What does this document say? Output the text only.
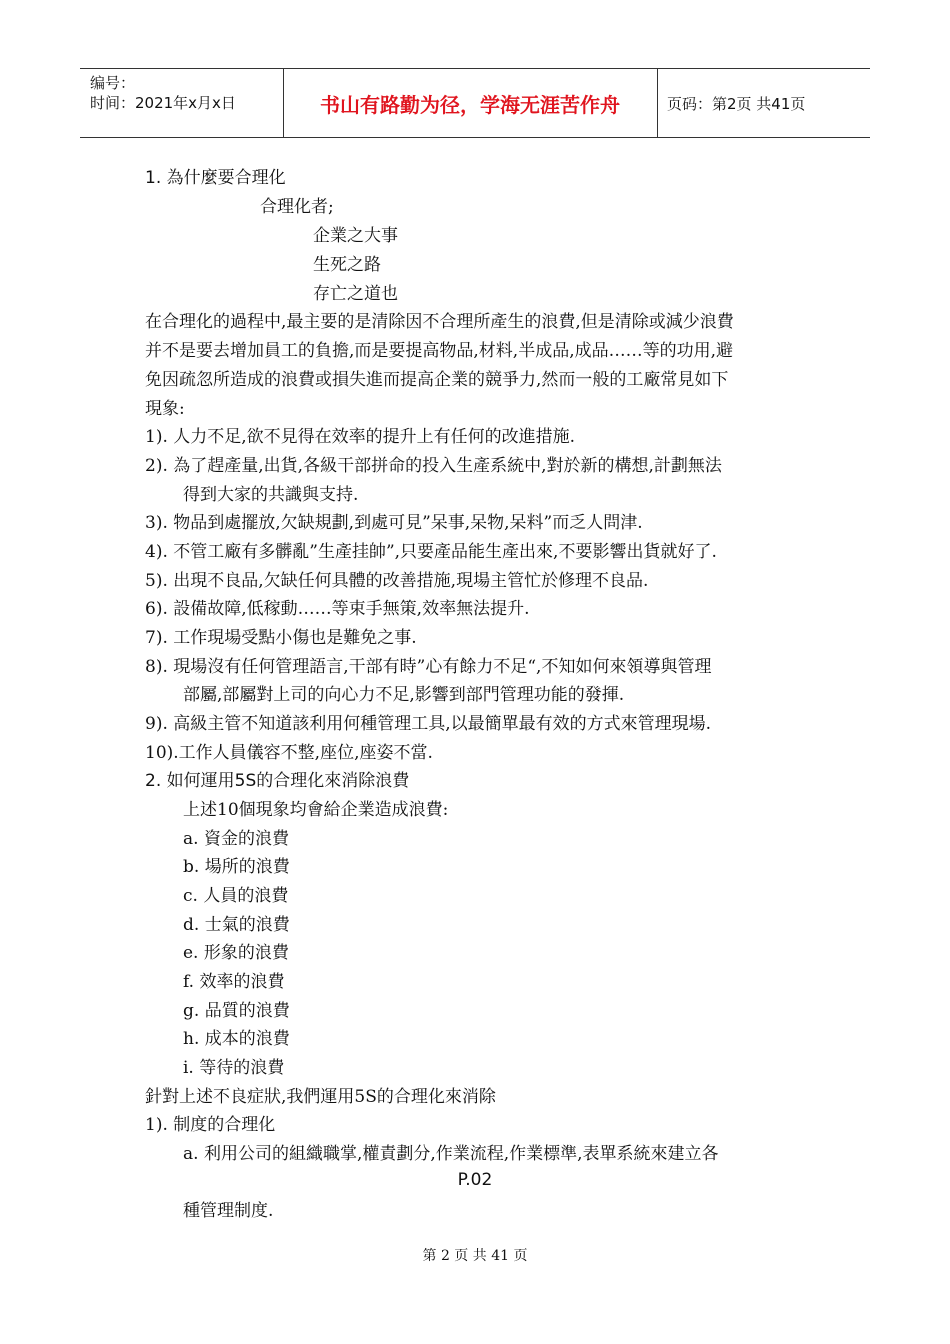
编号：
时间：2021年x月x日	书山有路勤为径，学海无涯苦作舟	页码：第2页 共41页
1. 為什麼要合理化
合理化者;
企業之大事
生死之路
存亡之道也
在合理化的過程中,最主要的是清除因不合理所產生的浪費,但是清除或減少浪費
并不是要去增加員工的負擔,而是要提高物品,材料,半成品,成品……等的功用,避
免因疏忽所造成的浪費或損失進而提高企業的競爭力,然而一般的工廠常見如下
現象:
1). 人力不足,欲不見得在效率的提升上有任何的改進措施.
2). 為了趕產量,出貨,各級干部拼命的投入生產系統中,對於新的構想,計劃無法
得到大家的共識與支持.
3). 物品到處擺放,欠缺規劃,到處可見”呆事,呆物,呆料”而乏人問津.
4). 不管工廠有多髒亂”生產挂帥”,只要產品能生產出來,不要影響出貨就好了.
5). 出現不良品,欠缺任何具體的改善措施,現場主管忙於修理不良品.
6). 設備故障,低稼動……等束手無策,效率無法提升.
7). 工作現場受點小傷也是難免之事.
8). 現場沒有任何管理語言,干部有時”心有餘力不足“,不知如何來領導與管理
部屬,部屬對上司的向心力不足,影響到部門管理功能的發揮.
9). 高級主管不知道該利用何種管理工具,以最簡單最有效的方式來管理現場.
10).工作人員儀容不整,座位,座姿不當.
2. 如何運用5S的合理化來消除浪費
上述10個現象均會給企業造成浪費:
a. 資金的浪費
b. 場所的浪費
c. 人員的浪費
d. 士氣的浪費
e. 形象的浪費
f. 效率的浪費
g. 品質的浪費
h. 成本的浪費
i. 等待的浪費
針對上述不良症狀,我們運用5S的合理化來消除
1). 制度的合理化
a. 利用公司的組織職掌,權責劃分,作業流程,作業標準,表單系統來建立各
P.02
種管理制度.
第 2 页 共 41 页
